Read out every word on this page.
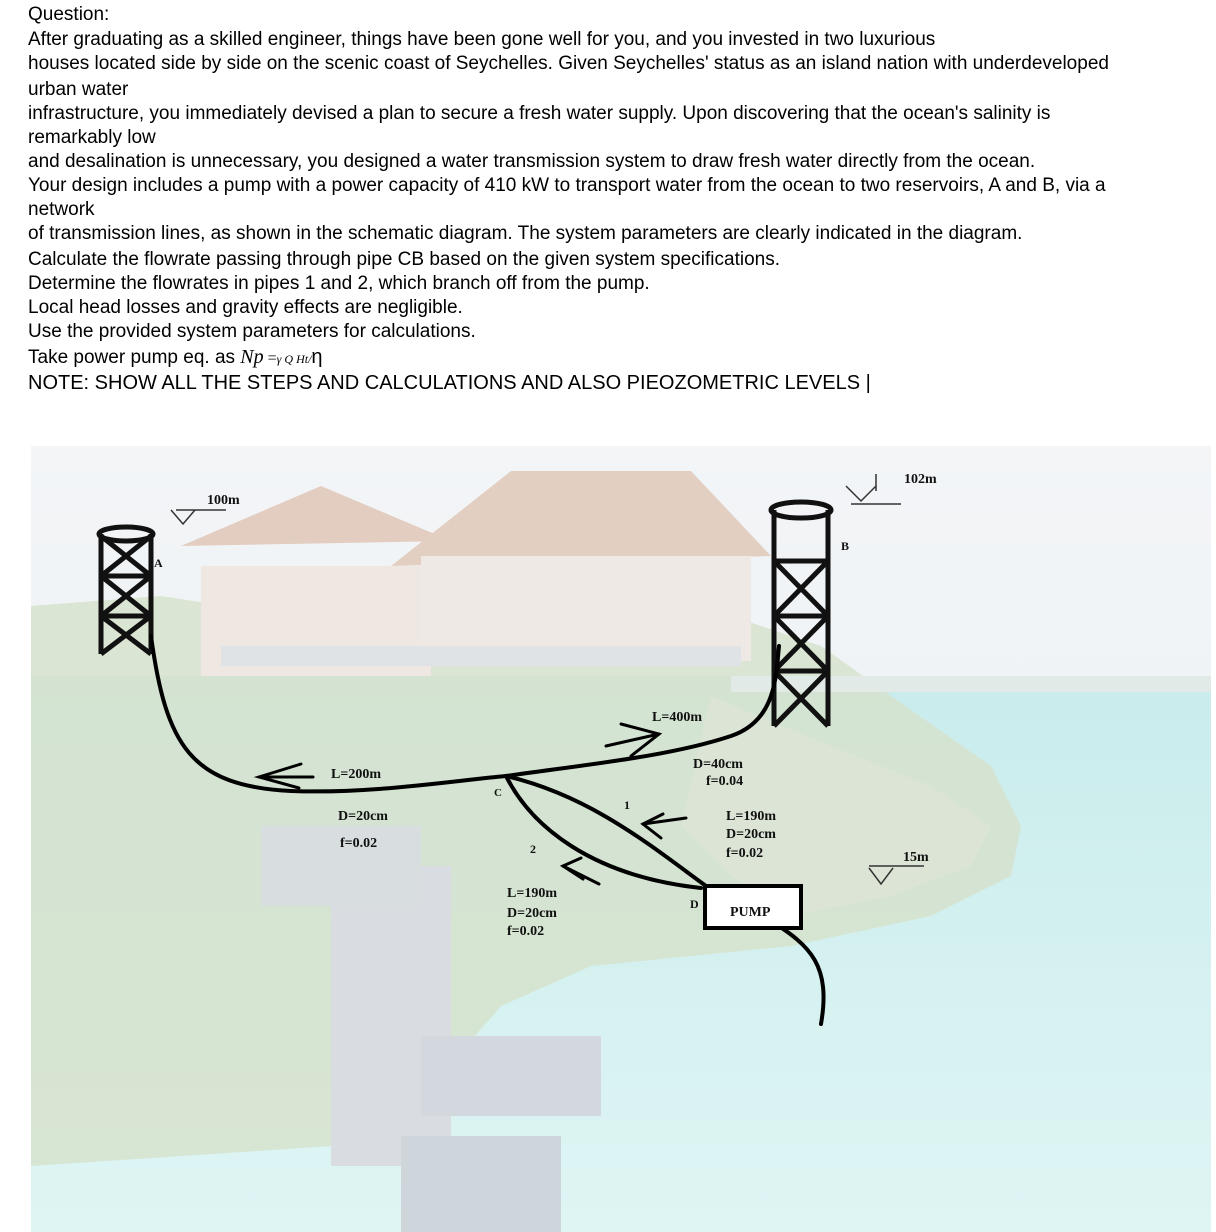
Question:
After graduating as a skilled engineer, things have been gone well for you, and you invested in two luxurious
houses located side by side on the scenic coast of Seychelles. Given Seychelles' status as an island nation with underdeveloped
urban water
infrastructure, you immediately devised a plan to secure a fresh water supply. Upon discovering that the ocean's salinity is
remarkably low
and desalination is unnecessary, you designed a water transmission system to draw fresh water directly from the ocean.
Your design includes a pump with a power capacity of 410 kW to transport water from the ocean to two reservoirs, A and B, via a
network
of transmission lines, as shown in the schematic diagram. The system parameters are clearly indicated in the diagram.
Calculate the flowrate passing through pipe CB based on the given system specifications.
Determine the flowrates in pipes 1 and 2, which branch off from the pump.
Local head losses and gravity effects are negligible.
Use the provided system parameters for calculations.
Take power pump eq. as Np =γ Q Ht/η
NOTE: SHOW ALL THE STEPS AND CALCULATIONS AND ALSO PIEOZOMETRIC LEVELS |
100m
A
102m
B
C
D
PUMP
15m
L=200m
D=20cm
f=0.02
L=400m
D=40cm
f=0.04
1
L=190m
D=20cm
f=0.02
2
L=190m
D=20cm
f=0.02
